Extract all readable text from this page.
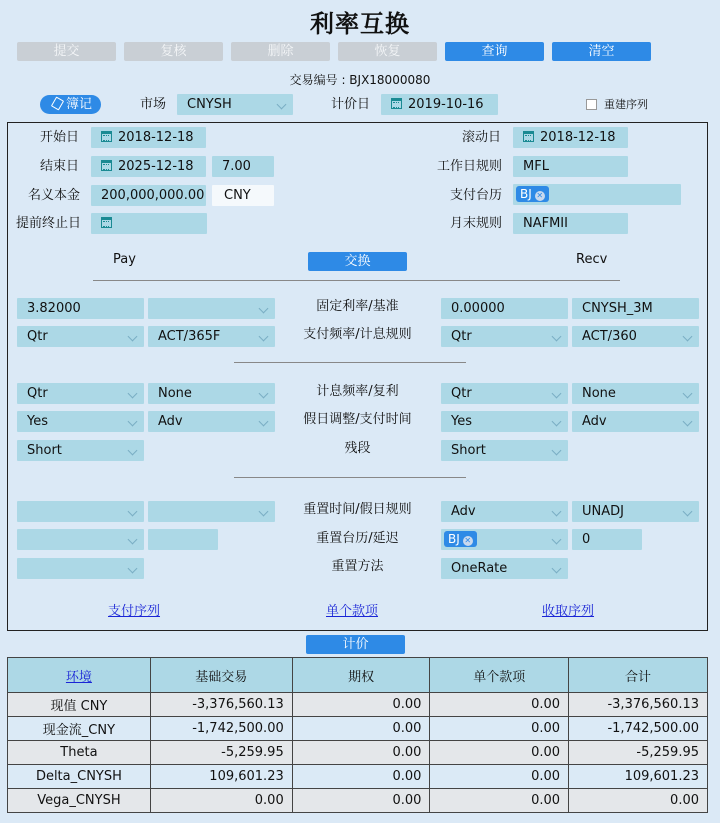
利率互换
提交	复核	删除	恢复	查询	清空
交易编号 : BJX18000080
簿记	市场	CNYSH	计价日	2019-10-16	重建序列
开始日	2018-12-18
结束日	2025-12-18	7.00
名义本金	200,000,000.00	CNY
提前终止日
滚动日	2018-12-18
工作日规则	MFL
支付台历	BJ ✕
月末规则	NAFMII
Pay	交换	Recv
3.82000	固定利率/基准	0.00000	CNYSH_3M
Qtr	ACT/365F	支付频率/计息规则	Qtr	ACT/360
Qtr	None	计息频率/复利	Qtr	None
Yes	Adv	假日调整/支付时间	Yes	Adv
Short	残段	Short
重置时间/假日规则	Adv	UNADJ
重置台历/延迟	BJ ✕	0
重置方法	OneRate
支付序列	单个款项	收取序列
计价
环境	基础交易	期权	单个款项	合计
现值 CNY	-3,376,560.13	0.00	0.00	-3,376,560.13
现金流_CNY	-1,742,500.00	0.00	0.00	-1,742,500.00
Theta	-5,259.95	0.00	0.00	-5,259.95
Delta_CNYSH	109,601.23	0.00	0.00	109,601.23
Vega_CNYSH	0.00	0.00	0.00	0.00
